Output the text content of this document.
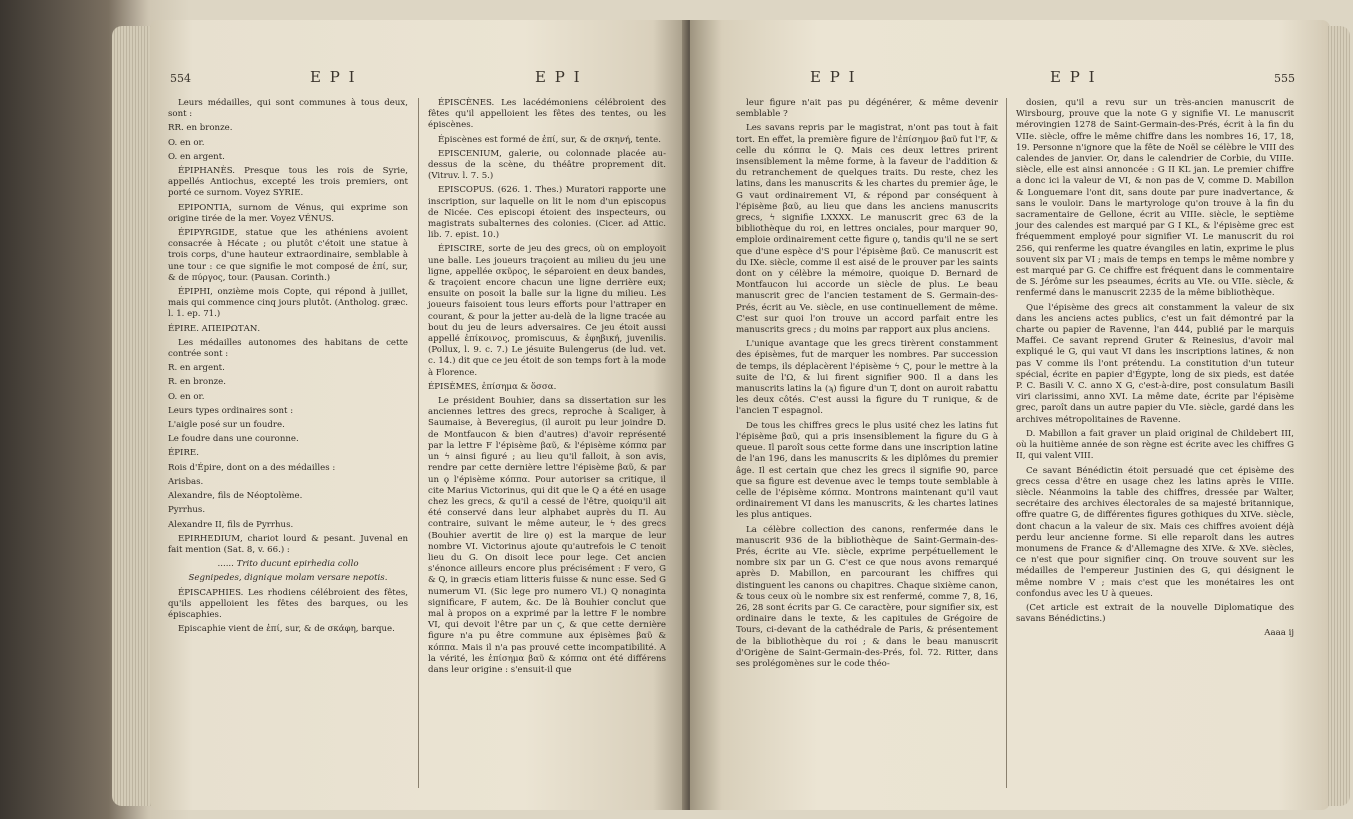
554	E P I	E P I

Leurs médailles, qui sont communes à tous deux, sont :

RR. en bronze.

O. en or.

O. en argent.

ÉPIPHANÈS. Presque tous les rois de Syrie, appellés Antiochus, excepté les trois premiers, ont porté ce surnom. Voyez SYRIE.

EPIPONTIA, surnom de Vénus, qui exprime son origine tirée de la mer. Voyez VÉNUS.

ÉPIPYRGIDE, statue que les athéniens avoient consacrée à Hécate ; ou plutôt c'étoit une statue à trois corps, d'une hauteur extraordinaire, semblable à une tour : ce que signifie le mot composé de ἐπί, sur, & de πύργος, tour. (Pausan. Corinth.)

ÉPIPHI, onzième mois Copte, qui répond à juillet, mais qui commence cinq jours plutôt. (Antholog. græc. l. 1. ep. 71.)

ÉPIRE. ΑΠΕΙΡΩΤΑΝ.

Les médailles autonomes des habitans de cette contrée sont :

R. en argent.

R. en bronze.

O. en or.

Leurs types ordinaires sont :

L'aigle posé sur un foudre.

Le foudre dans une couronne.

ÉPIRE.

Rois d'Épire, dont on a des médailles :

Arisbas.

Alexandre, fils de Néoptolème.

Pyrrhus.

Alexandre II, fils de Pyrrhus.

EPIRHEDIUM, chariot lourd & pesant. Juvenal en fait mention (Sat. 8, v. 66.) :

...... Trito ducunt epirhedia collo

Segnipedes, dignique molam versare nepotis.

ÉPISCAPHIES. Les rhodiens célébroient des fêtes, qu'ils appelloient les fêtes des barques, ou les épiscaphies.

Episcaphie vient de ἐπί, sur, & de σκάφη, barque.

ÉPISCÈNES. Les lacédémoniens célébroient des fêtes qu'il appelloient les fêtes des tentes, ou les épiscènes.

Épiscènes est formé de ἐπί, sur, & de σκηνή, tente.

EPISCENIUM, galerie, ou colonnade placée au-dessus de la scène, du théâtre proprement dit. (Vitruv. l. 7. 5.)

EPISCOPUS. (626. 1. Thes.) Muratori rapporte une inscription, sur laquelle on lit le nom d'un episcopus de Nicée. Ces episcopi étoient des inspecteurs, ou magistrats subalternes des colonies. (Cicer. ad Attic. lib. 7. epist. 10.)

ÉPISCIRE, sorte de jeu des grecs, où on employoit une balle. Les joueurs traçoient au milieu du jeu une ligne, appellée σκῦρος, le séparoient en deux bandes, & traçoient encore chacun une ligne derrière eux; ensuite on posoit la balle sur la ligne du milieu. Les joueurs faisoient tous leurs efforts pour l'attraper en courant, & pour la jetter au-delà de la ligne tracée au bout du jeu de leurs adversaires. Ce jeu étoit aussi appellé ἐπίκοινος, promiscuus, & ἐφηβική, juvenilis. (Pollux, l. 9. c. 7.) Le jésuite Bulengerus (de lud. vet. c. 14.) dit que ce jeu étoit de son temps fort à la mode à Florence.

ÉPISÈMES, ἐπίσημα & ὅσσα.

Le président Bouhier, dans sa dissertation sur les anciennes lettres des grecs, reproche à Scaliger, à Saumaise, à Beveregius, (il auroit pu leur joindre D. de Montfaucon & bien d'autres) d'avoir représenté par la lettre F l'épisème βαῦ, & l'épisème κόππα par un ϟ ainsi figuré ; au lieu qu'il falloit, à son avis, rendre par cette dernière lettre l'épisème βαῦ, & par un ϙ l'épisème κόππα. Pour autoriser sa critique, il cite Marius Victorinus, qui dit que le Q a été en usage chez les grecs, & qu'il a cessé de l'être, quoiqu'il ait été conservé dans leur alphabet auprès du Π. Au contraire, suivant le même auteur, le ϟ des grecs (Bouhier avertit de lire ϙ) est la marque de leur nombre VI. Victorinus ajoute qu'autrefois le C tenoit lieu du G. On disoit lece pour lege. Cet ancien s'énonce ailleurs encore plus précisément : F vero, G & Q, in græcis etiam litteris fuisse & nunc esse. Sed G numerum VI. (Sic lege pro numero VI.) Q nonaginta significare, F autem, &c. De là Bouhier conclut que mal à propos on a exprimé par la lettre F le nombre VI, qui devoit l'être par un ϛ, & que cette dernière figure n'a pu être commune aux épisèmes βαῦ & κόππα. Mais il n'a pas prouvé cette incompatibilité. A la vérité, les ἐπίσημα βαῦ & κόππα ont été différens dans leur origine : s'ensuit-il que

E P I	E P I	555

leur figure n'ait pas pu dégénérer, & même devenir semblable ?

Les savans repris par le magistrat, n'ont pas tout à fait tort. En effet, la première figure de l'ἐπίσημον βαῦ fut l'F, & celle du κόππα le Q. Mais ces deux lettres prirent insensiblement la même forme, à la faveur de l'addition & du retranchement de quelques traits. Du reste, chez les latins, dans les manuscrits & les chartes du premier âge, le G vaut ordinairement VI, & répond par conséquent à l'épisème βαῦ, au lieu que dans les anciens manuscrits grecs, ϟ signifie LXXXX. Le manuscrit grec 63 de la bibliothèque du roi, en lettres onciales, pour marquer 90, emploie ordinairement cette figure ϙ, tandis qu'il ne se sert que d'une espèce d'S pour l'épisème βαῦ. Ce manuscrit est du IXe. siècle, comme il est aisé de le prouver par les saints dont on y célèbre la mémoire, quoique D. Bernard de Montfaucon lui accorde un siècle de plus. Le beau manuscrit grec de l'ancien testament de S. Germain-des-Prés, écrit au Ve. siècle, en use continuellement de même. C'est sur quoi l'on trouve un accord parfait entre les manuscrits grecs ; du moins par rapport aux plus anciens.

L'unique avantage que les grecs tirèrent constamment des épisèmes, fut de marquer les nombres. Par succession de temps, ils déplacèrent l'épisème ϟ Ϛ, pour le mettre à la suite de l'Ω, & lui firent signifier 900. Il a dans les manuscrits latins la (ϡ) figure d'un T, dont on auroit rabattu les deux côtés. C'est aussi la figure du T runique, & de l'ancien T espagnol.

De tous les chiffres grecs le plus usité chez les latins fut l'épisème βαῦ, qui a pris insensiblement la figure du G à queue. Il paroît sous cette forme dans une inscription latine de l'an 196, dans les manuscrits & les diplômes du premier âge. Il est certain que chez les grecs il signifie 90, parce que sa figure est devenue avec le temps toute semblable à celle de l'épisème κόππα. Montrons maintenant qu'il vaut ordinairement VI dans les manuscrits, & les chartes latines les plus antiques.

La célèbre collection des canons, renfermée dans le manuscrit 936 de la bibliothèque de Saint-Germain-des-Prés, écrite au VIe. siècle, exprime perpétuellement le nombre six par un G. C'est ce que nous avons remarqué après D. Mabillon, en parcourant les chiffres qui distinguent les canons ou chapitres. Chaque sixième canon, & tous ceux où le nombre six est renfermé, comme 7, 8, 16, 26, 28 sont écrits par G. Ce caractère, pour signifier six, est ordinaire dans le texte, & les capitules de Grégoire de Tours, ci-devant de la cathédrale de Paris, & présentement de la bibliothèque du roi ; & dans le beau manuscrit d'Origène de Saint-Germain-des-Prés, fol. 72. Ritter, dans ses prolégomènes sur le code théo-

dosien, qu'il a revu sur un très-ancien manuscrit de Wirsbourg, prouve que la note G y signifie VI. Le manuscrit mérovingien 1278 de Saint-Germain-des-Prés, écrit à la fin du VIIe. siècle, offre le même chiffre dans les nombres 16, 17, 18, 19. Personne n'ignore que la fête de Noël se célèbre le VIII des calendes de janvier. Or, dans le calendrier de Corbie, du VIIIe. siècle, elle est ainsi annoncée : G II KL jan. Le premier chiffre a donc ici la valeur de VI, & non pas de V, comme D. Mabillon & Longuemare l'ont dit, sans doute par pure inadvertance, & sans le vouloir. Dans le martyrologe qu'on trouve à la fin du sacramentaire de Gellone, écrit au VIIIe. siècle, le septième jour des calendes est marqué par G I KL, & l'épisème grec est fréquemment employé pour signifier VI. Le manuscrit du roi 256, qui renferme les quatre évangiles en latin, exprime le plus souvent six par VI ; mais de temps en temps le même nombre y est marqué par G. Ce chiffre est fréquent dans le commentaire de S. Jérôme sur les pseaumes, écrits au VIe. ou VIIe. siècle, & renfermé dans le manuscrit 2235 de la même bibliothèque.

Que l'épisème des grecs ait constamment la valeur de six dans les anciens actes publics, c'est un fait démontré par la charte ou papier de Ravenne, l'an 444, publié par le marquis Maffei. Ce savant reprend Gruter & Reinesius, d'avoir mal expliqué le G, qui vaut VI dans les inscriptions latines, & non pas V comme ils l'ont prétendu. La constitution d'un tuteur spécial, écrite en papier d'Égypte, long de six pieds, est datée P. C. Basili V. C. anno X G, c'est-à-dire, post consulatum Basili viri clarissimi, anno XVI. La même date, écrite par l'épisème grec, paroît dans un autre papier du VIe. siècle, gardé dans les archives métropolitaines de Ravenne.

D. Mabillon a fait graver un plaid original de Childebert III, où la huitième année de son règne est écrite avec les chiffres G II, qui valent VIII.

Ce savant Bénédictin étoit persuadé que cet épisème des grecs cessa d'être en usage chez les latins après le VIIIe. siècle. Néanmoins la table des chiffres, dressée par Walter, secrétaire des archives électorales de sa majesté britannique, offre quatre G, de différentes figures gothiques du XIVe. siècle, dont chacun a la valeur de six. Mais ces chiffres avoient déjà perdu leur ancienne forme. Si elle reparoît dans les autres monumens de France & d'Allemagne des XIVe. & XVe. siècles, ce n'est que pour signifier cinq. On trouve souvent sur les médailles de l'empereur Justinien des G, qui désignent le même nombre V ; mais c'est que les monétaires les ont confondus avec les U à queues.

(Cet article est extrait de la nouvelle Diplomatique des savans Bénédictins.)

Aaaa ij
